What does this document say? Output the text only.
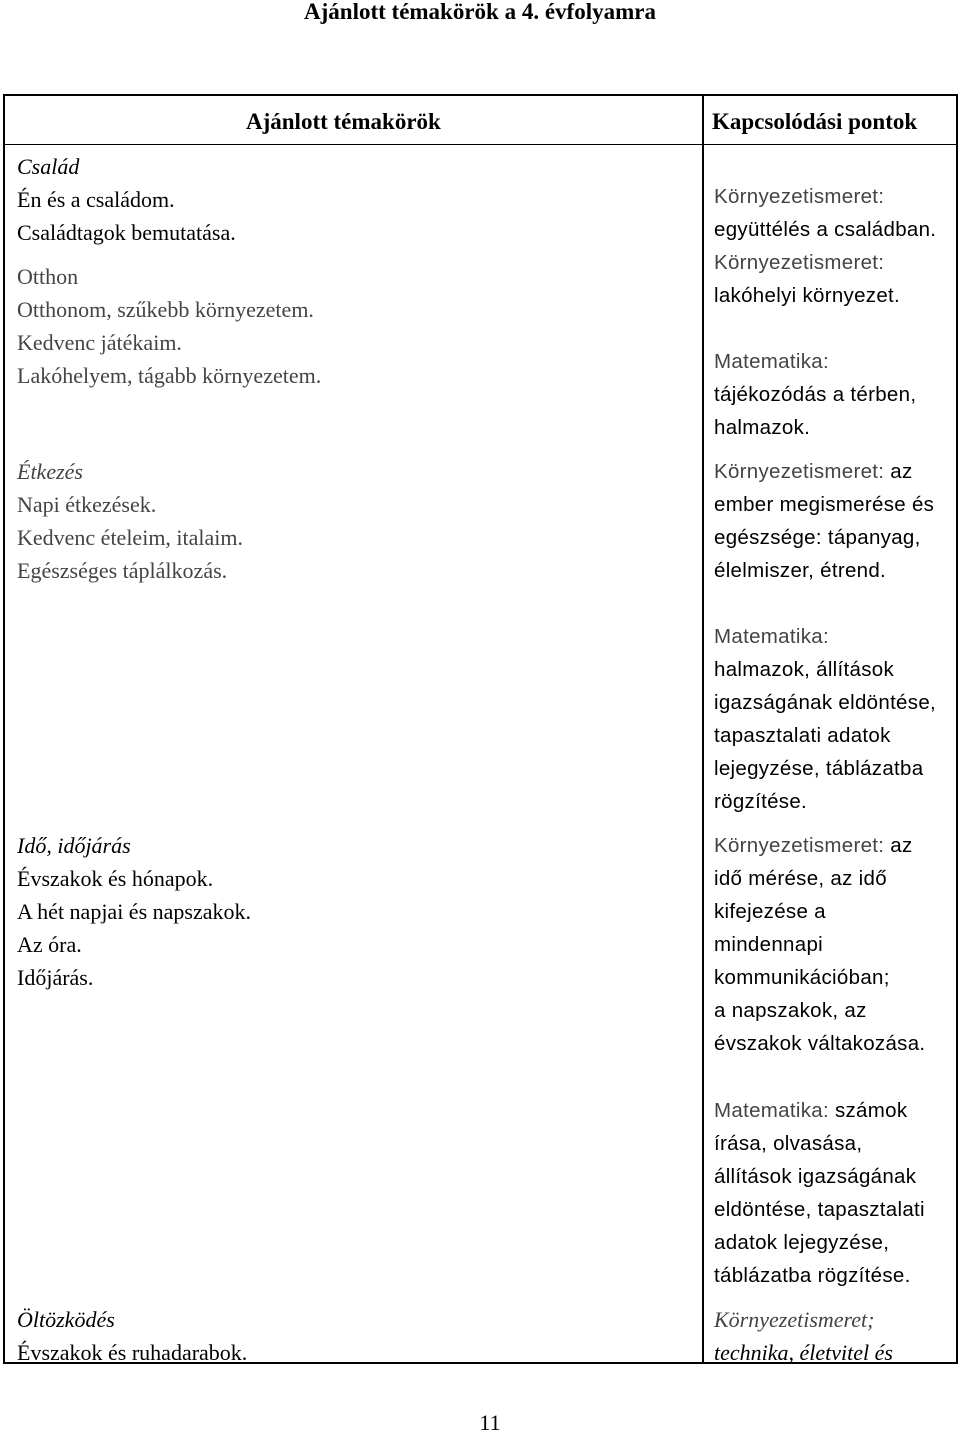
Ajánlott témakörök a 4. évfolyamra
Ajánlott témakörök	Kapcsolódási pontok
Család
Én és a családom.
Családtagok bemutatása.
Otthon
Otthonom, szűkebb környezetem.
Kedvenc játékaim.
Lakóhelyem, tágabb környezetem.
Étkezés
Napi étkezések.
Kedvenc ételeim, italaim.
Egészséges táplálkozás.
Idő, időjárás
Évszakok és hónapok.
A hét napjai és napszakok.
Az óra.
Időjárás.
Öltözködés
Évszakok és ruhadarabok.
Környezetismeret:
együttélés a családban.
Környezetismeret:
lakóhelyi környezet.
Matematika:
tájékozódás a térben,
halmazok.
Környezetismeret: az
ember megismerése és
egészsége: tápanyag,
élelmiszer, étrend.
Matematika:
halmazok, állítások
igazságának eldöntése,
tapasztalati adatok
lejegyzése, táblázatba
rögzítése.
Környezetismeret: az
idő mérése, az idő
kifejezése a
mindennapi
kommunikációban;
a napszakok, az
évszakok váltakozása.
Matematika: számok
írása, olvasása,
állítások igazságának
eldöntése, tapasztalati
adatok lejegyzése,
táblázatba rögzítése.
Környezetismeret;
technika, életvitel és
11
